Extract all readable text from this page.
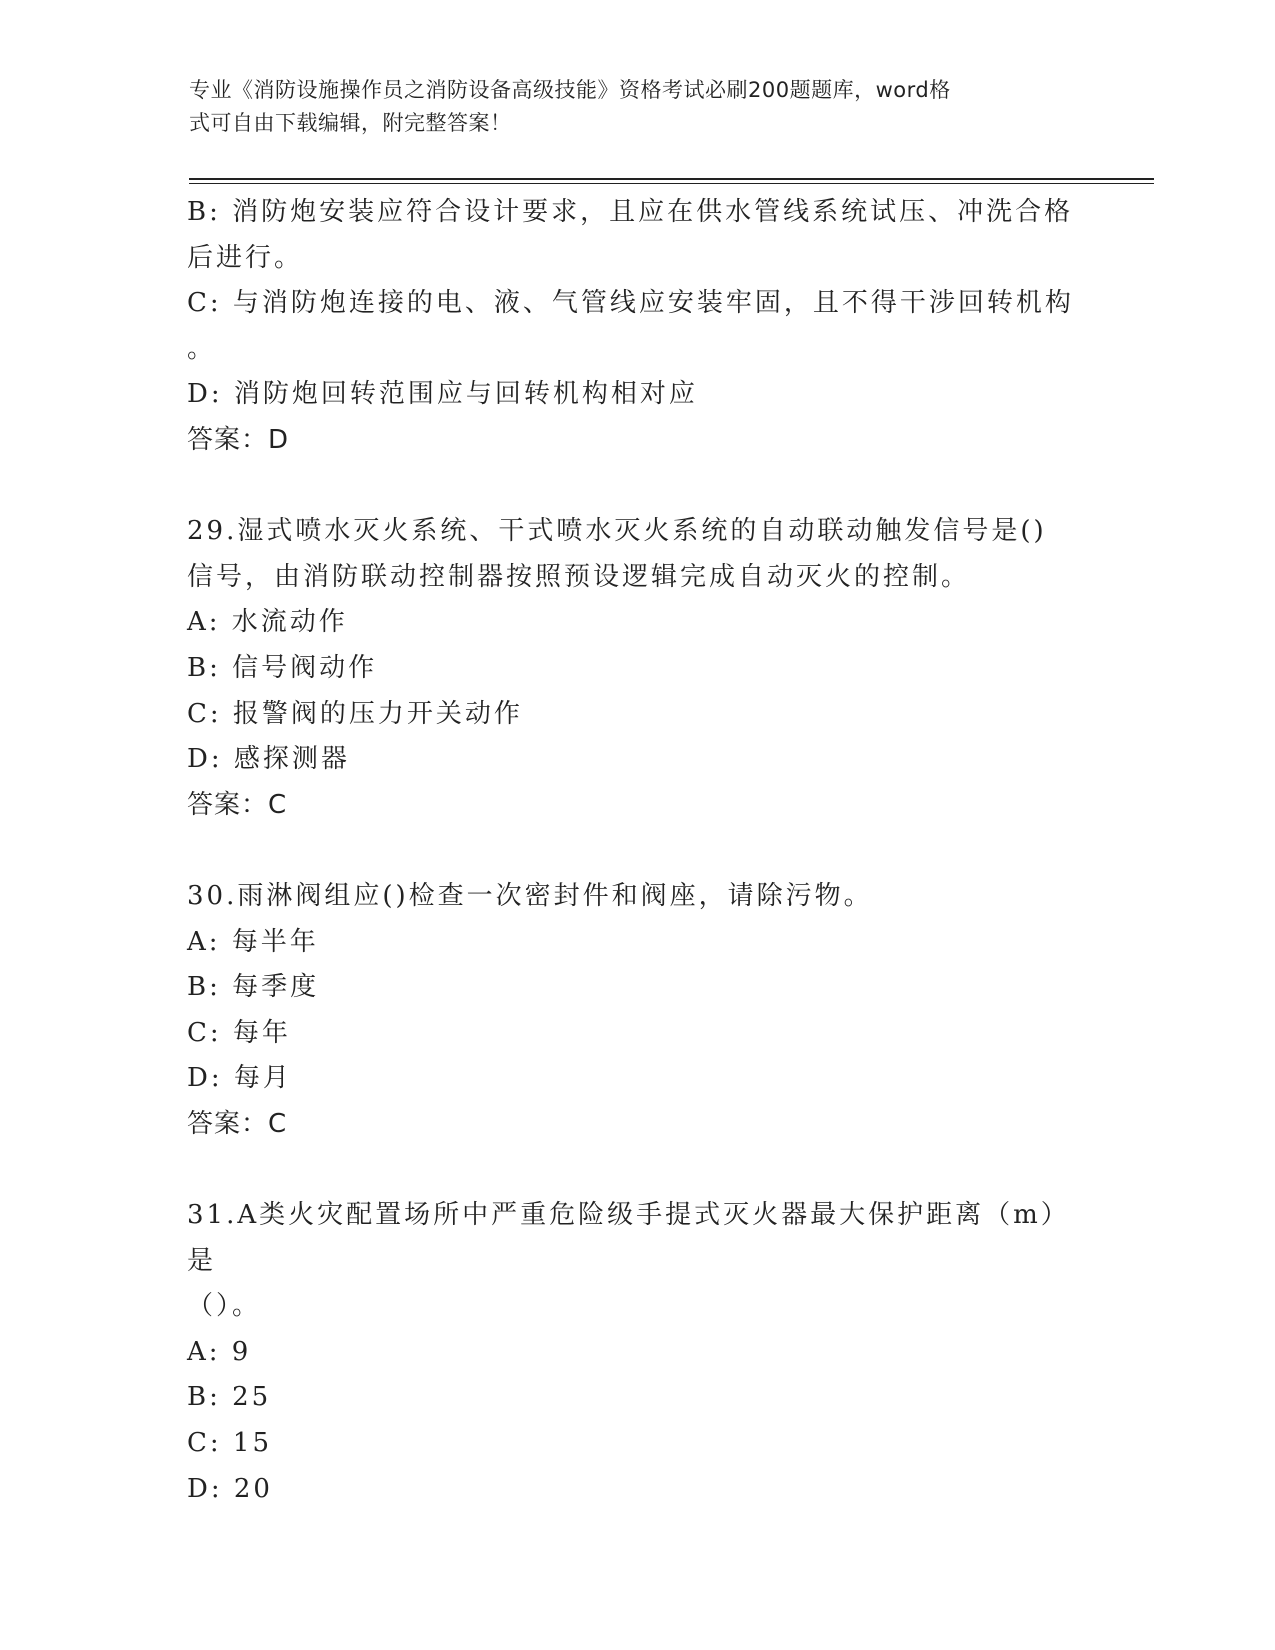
专业《消防设施操作员之消防设备高级技能》资格考试必刷200题题库，word格
式可自由下载编辑，附完整答案！
B: 消防炮安装应符合设计要求，且应在供水管线系统试压、冲洗合格
后进行。
C: 与消防炮连接的电、液、气管线应安装牢固，且不得干涉回转机构
。
D: 消防炮回转范围应与回转机构相对应
答案：D
29.湿式喷水灭火系统、干式喷水灭火系统的自动联动触发信号是()
信号，由消防联动控制器按照预设逻辑完成自动灭火的控制。
A: 水流动作
B: 信号阀动作
C: 报警阀的压力开关动作
D: 感探测器
答案：C
30.雨淋阀组应()检查一次密封件和阀座，请除污物。
A: 每半年
B: 每季度
C: 每年
D: 每月
答案：C
31.A类火灾配置场所中严重危险级手提式灭火器最大保护距离（m）是
（）。
A: 9
B: 25
C: 15
D: 20
